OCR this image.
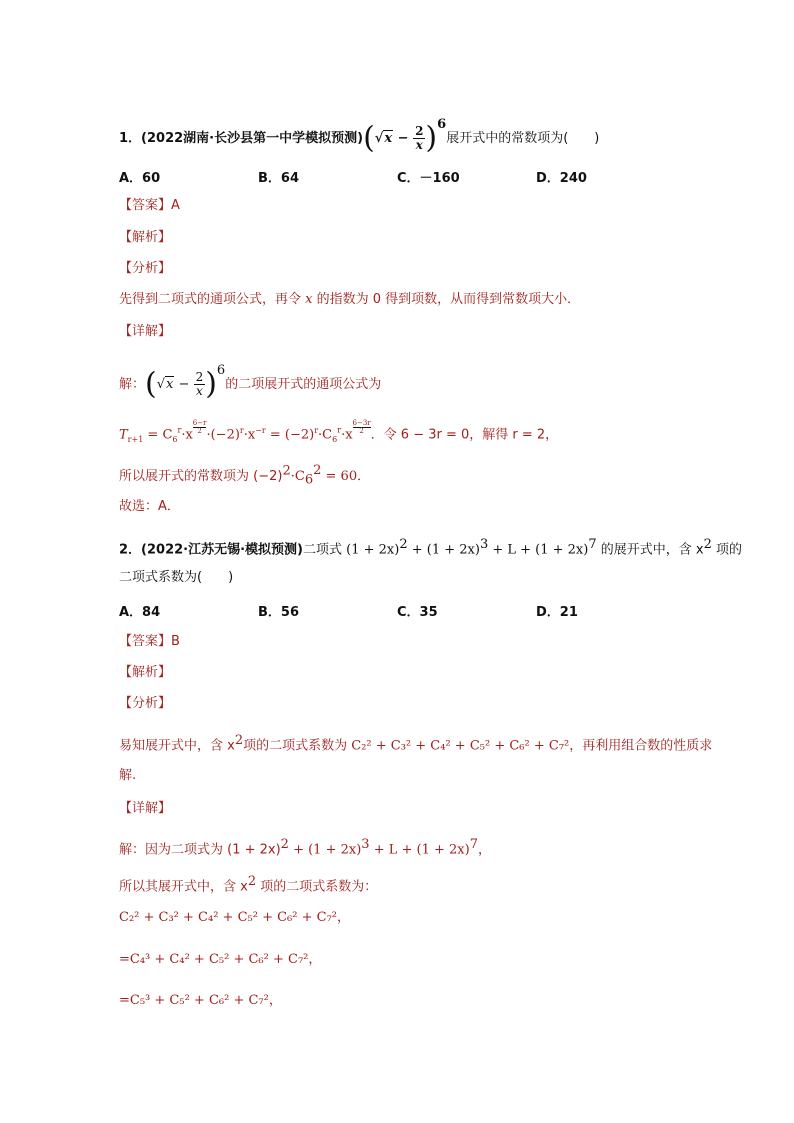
1．(2022湖南·长沙县第一中学模拟预测)$(√x - \frac{2}{x} )^6$展开式中的常数项为(　　)
A．60	B．64	C．－160	D．240
【答案】A
【解析】
【分析】
先得到二项式的通项公式，再令 x 的指数为 0 得到项数，从而得到常数项大小．
【详解】
解：$(√x - \frac{2}{x} )^6$的二项展开式的通项公式为
$T_{r+1} = C_6^r\cdot x \frac{6-r}{2} \cdot(-2)^r\cdot x^{-r} = (-2)^r\cdot C_6^r\cdot x \frac{6-3r}{2}$ ．令 6 − 3r = 0，解得 r = 2，
所以展开式的常数项为 $(-2)^2\cdot C_6^2 = 60$．
故选：A．
2．(2022·江苏无锡·模拟预测)二项式 $(1 + 2x)^2 + (1 + 2x)^3 + L + (1 + 2x)^7$ 的展开式中，含 $x^2$ 项的
二项式系数为(　　)
A．84	B．56	C．35	D．21
【答案】B
【解析】
【分析】
易知展开式中，含 $x^2$项的二项式系数为 C₂² + C₃² + C₄² + C₅² + C₆² + C₇²，再利用组合数的性质求
解.
【详解】
解：因为二项式为 $(1 + 2x)^2 + (1 + 2x)^3 + L + (1 + 2x)^7$，
所以其展开式中，含 $x^2$ 项的二项式系数为：
C₂² + C₃² + C₄² + C₅² + C₆² + C₇²，
=C₄³ + C₄² + C₅² + C₆² + C₇²，
=C₅³ + C₅² + C₆² + C₇²，
